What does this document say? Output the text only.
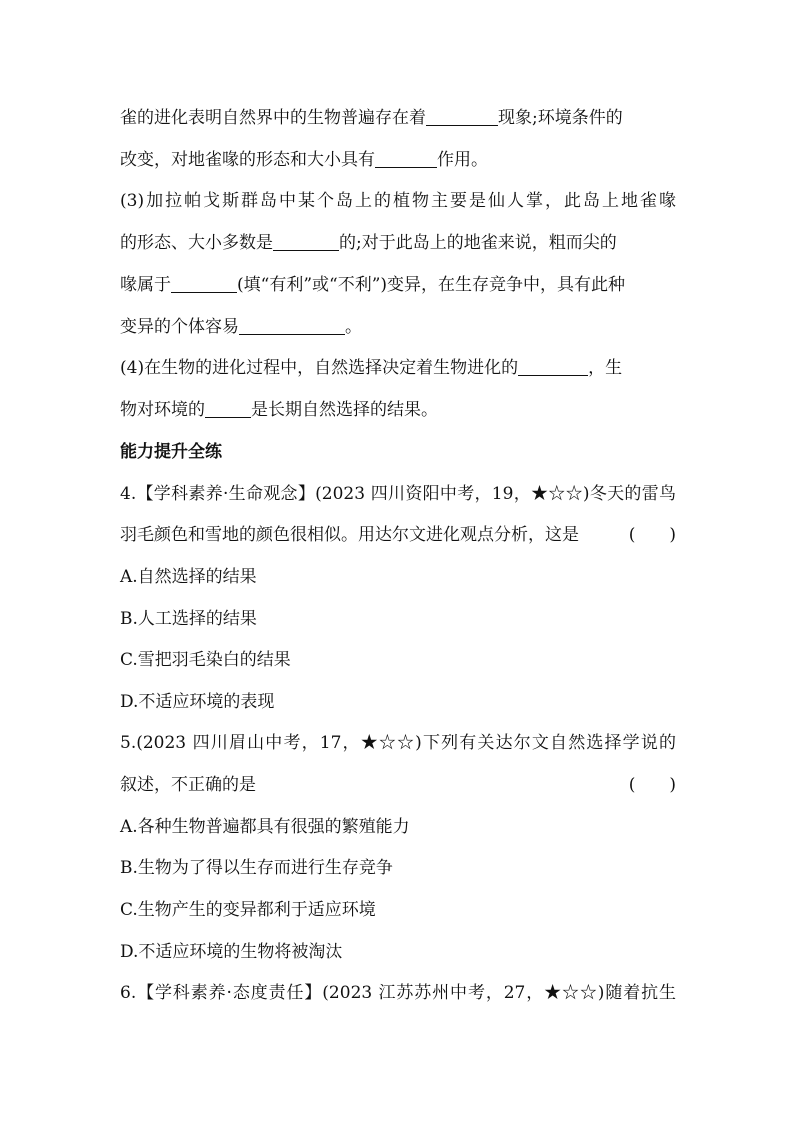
雀的进化表明自然界中的生物普遍存在着	现象;环境条件的
改变，对地雀喙的形态和大小具有	作用。
(3)加拉帕戈斯群岛中某个岛上的植物主要是仙人掌，此岛上地雀喙
的形态、大小多数是	的;对于此岛上的地雀来说，粗而尖的
喙属于	(填“有利”或“不利”)变异，在生存竞争中，具有此种
变异的个体容易	。
(4)在生物的进化过程中，自然选择决定着生物进化的	，生
物对环境的	是长期自然选择的结果。
能力提升全练
4.【学科素养·生命观念】(2023 四川资阳中考，19，★☆☆)冬天的雷鸟
羽毛颜色和雪地的颜色很相似。用达尔文进化观点分析，这是	(　　)
A.自然选择的结果
B.人工选择的结果
C.雪把羽毛染白的结果
D.不适应环境的表现
5.(2023 四川眉山中考，17，★☆☆)下列有关达尔文自然选择学说的
叙述，不正确的是	(　　)
A.各种生物普遍都具有很强的繁殖能力
B.生物为了得以生存而进行生存竞争
C.生物产生的变异都利于适应环境
D.不适应环境的生物将被淘汰
6.【学科素养·态度责任】(2023 江苏苏州中考，27，★☆☆)随着抗生
